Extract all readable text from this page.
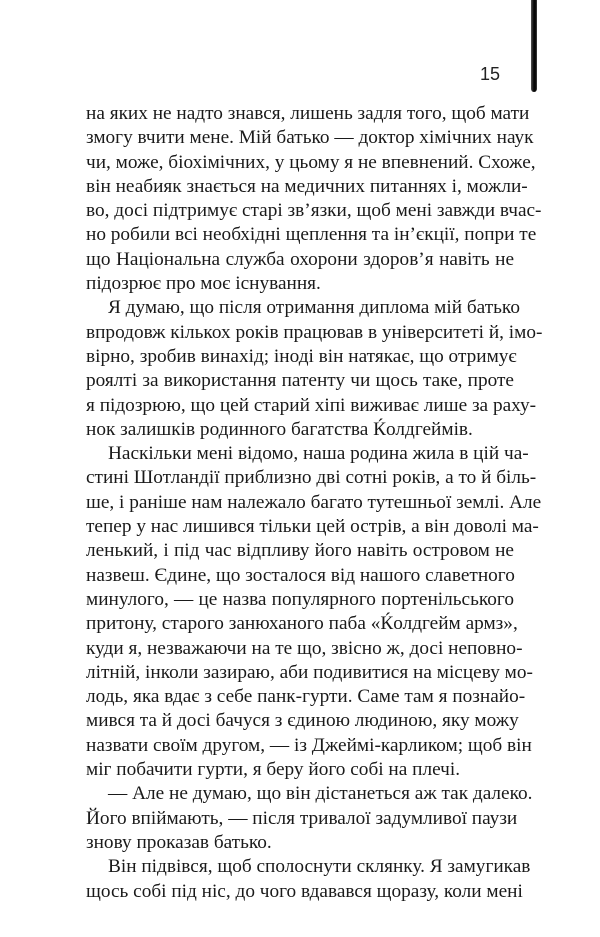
15
на яких не надто знався, лишень задля того, щоб мати
змогу вчити мене. Мій батько — доктор хімічних наук
чи, може, біохімічних, у цьому я не впевнений. Схоже,
він неабияк знається на медичних питаннях і, можли-
во, досі підтримує старі зв’язки, щоб мені завжди вчас-
но робили всі необхідні щеплення та ін’єкції, попри те
що Національна служба охорони здоров’я навіть не
підозрює про моє існування.
Я думаю, що після отримання диплома мій батько
впродовж кількох років працював в університеті й, імо-
вірно, зробив винахід; іноді він натякає, що отримує
роялті за використання патенту чи щось таке, проте
я підозрюю, що цей старий хіпі виживає лише за раху-
нок залишків родинного багатства Ќолдгеймів.
Наскільки мені відомо, наша родина жила в цій ча-
стині Шотландії приблизно дві сотні років, а то й біль-
ше, і раніше нам належало багато тутешньої землі. Але
тепер у нас лишився тільки цей острів, а він доволі ма-
ленький, і під час відпливу його навіть островом не
назвеш. Єдине, що зосталося від нашого славетного
минулого, — це назва популярного портенільського
притону, старого занюханого паба «Ќолдгейм армз»,
куди я, незважаючи на те що, звісно ж, досі неповно-
літній, інколи зазираю, аби подивитися на місцеву мо-
лодь, яка вдає з себе панк-гурти. Саме там я познайо-
мився та й досі бачуся з єдиною людиною, яку можу
назвати своїм другом, — із Джеймі-карликом; щоб він
міг побачити гурти, я беру його собі на плечі.
— Але не думаю, що він дістанеться аж так далеко.
Його впіймають, — після тривалої задумливої паузи
знову проказав батько.
Він підвівся, щоб сполоснути склянку. Я замугикав
щось собі під ніс, до чого вдавався щоразу, коли мені
